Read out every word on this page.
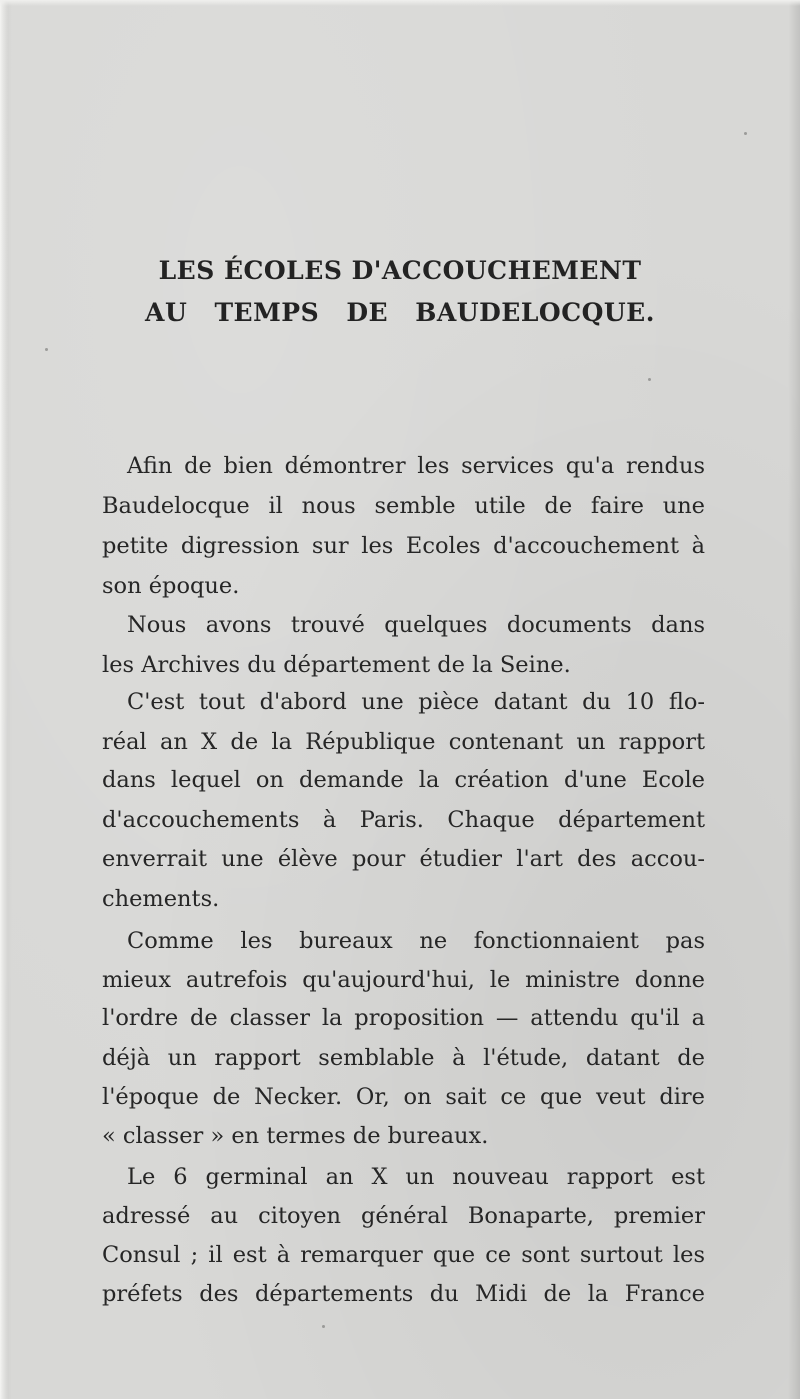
LES ÉCOLES D'ACCOUCHEMENT
AU TEMPS DE BAUDELOCQUE.
Afin de bien démontrer les services qu'a rendus
Baudelocque il nous semble utile de faire une
petite digression sur les Ecoles d'accouchement à
son époque.
Nous avons trouvé quelques documents dans
les Archives du département de la Seine.
C'est tout d'abord une pièce datant du 10 flo-
réal an X de la République contenant un rapport
dans lequel on demande la création d'une Ecole
d'accouchements à Paris. Chaque département
enverrait une élève pour étudier l'art des accou-
chements.
Comme les bureaux ne fonctionnaient pas
mieux autrefois qu'aujourd'hui, le ministre donne
l'ordre de classer la proposition — attendu qu'il a
déjà un rapport semblable à l'étude, datant de
l'époque de Necker. Or, on sait ce que veut dire
« classer » en termes de bureaux.
Le 6 germinal an X un nouveau rapport est
adressé au citoyen général Bonaparte, premier
Consul ; il est à remarquer que ce sont surtout les
préfets des départements du Midi de la France
